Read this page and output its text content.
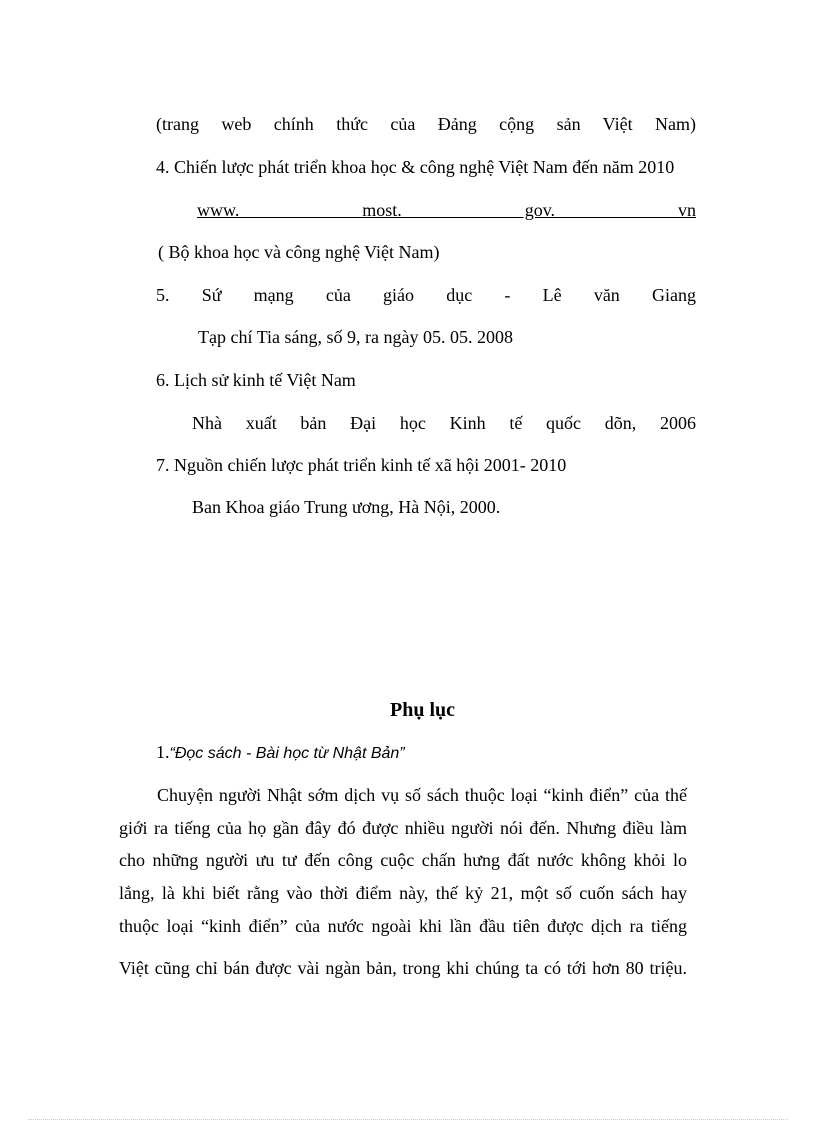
(trang web chính thức của Đảng cộng sản Việt Nam)
4. Chiến lược phát triển khoa học & công nghệ Việt Nam đến năm 2010
www. most. gov. vn
( Bộ khoa học và công nghệ Việt Nam)
5. Sứ mạng của giáo dục - Lê văn Giang
Tạp chí Tia sáng, số 9, ra ngày 05. 05. 2008
6. Lịch sử kinh tế Việt Nam
Nhà xuất bản Đại học Kinh tế quốc dõn, 2006
7. Nguồn chiến lược phát triển kinh tế xã hội 2001- 2010
Ban Khoa giáo Trung ương, Hà Nội, 2000.
Phụ lục
1.“Đọc sách - Bài học từ Nhật Bản”
Chuyện người Nhật sớm dịch vụ số sách thuộc loại “kinh điển” của thế
giới ra tiếng của họ gần đây đó được nhiều người nói đến. Nhưng điều làm
cho những người ưu tư đến công cuộc chấn hưng đất nước không khỏi lo
lắng, là khi biết rằng vào thời điểm này, thế kỷ 21, một số cuốn sách hay
thuộc loại “kinh điển” của nước ngoài khi lần đầu tiên được dịch ra tiếng
Việt cũng chỉ bán được vài ngàn bản, trong khi chúng ta có tới hơn 80 triệu.
